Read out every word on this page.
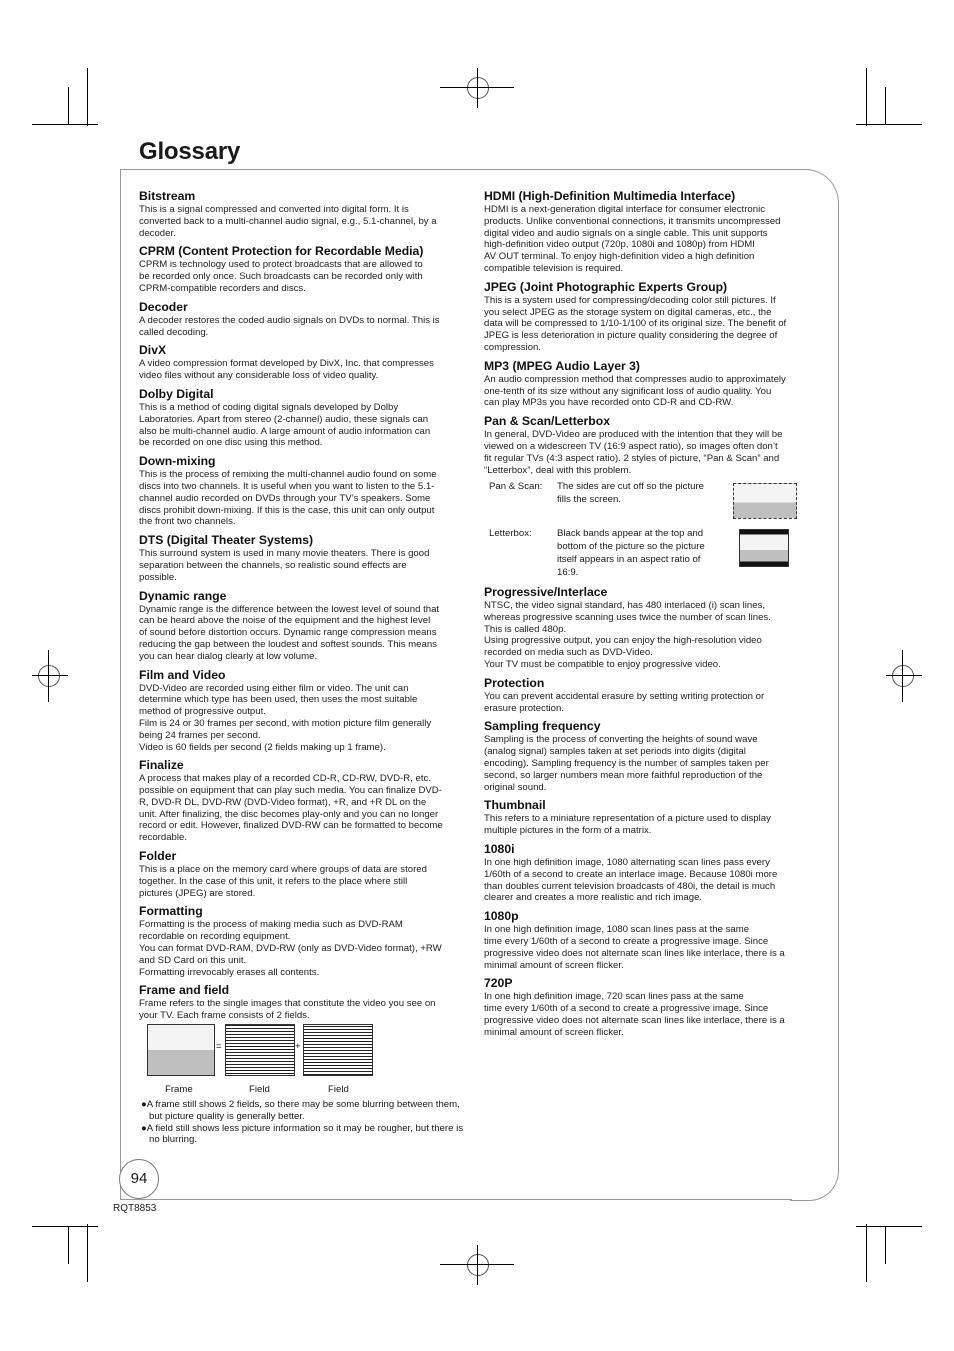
Glossary

Bitstream

This is a signal compressed and converted into digital form. It is
converted back to a multi-channel audio signal, e.g., 5.1-channel, by a
decoder.

CPRM (Content Protection for Recordable Media)

CPRM is technology used to protect broadcasts that are allowed to
be recorded only once. Such broadcasts can be recorded only with
CPRM-compatible recorders and discs.

Decoder

A decoder restores the coded audio signals on DVDs to normal. This is
called decoding.

DivX

A video compression format developed by DivX, Inc. that compresses
video files without any considerable loss of video quality.

Dolby Digital

This is a method of coding digital signals developed by Dolby
Laboratories. Apart from stereo (2-channel) audio, these signals can
also be multi-channel audio. A large amount of audio information can
be recorded on one disc using this method.

Down-mixing

This is the process of remixing the multi-channel audio found on some
discs into two channels. It is useful when you want to listen to the 5.1-
channel audio recorded on DVDs through your TV’s speakers. Some
discs prohibit down-mixing. If this is the case, this unit can only output
the front two channels.

DTS (Digital Theater Systems)

This surround system is used in many movie theaters. There is good
separation between the channels, so realistic sound effects are
possible.

Dynamic range

Dynamic range is the difference between the lowest level of sound that
can be heard above the noise of the equipment and the highest level
of sound before distortion occurs. Dynamic range compression means
reducing the gap between the loudest and softest sounds. This means
you can hear dialog clearly at low volume.

Film and Video

DVD-Video are recorded using either film or video. The unit can
determine which type has been used, then uses the most suitable
method of progressive output.
Film is 24 or 30 frames per second, with motion picture film generally
being 24 frames per second.
Video is 60 fields per second (2 fields making up 1 frame).

Finalize

A process that makes play of a recorded CD-R, CD-RW, DVD-R, etc.
possible on equipment that can play such media. You can finalize DVD-
R, DVD-R DL, DVD-RW (DVD-Video format), +R, and +R DL on the
unit. After finalizing, the disc becomes play-only and you can no longer
record or edit. However, finalized DVD-RW can be formatted to become
recordable.

Folder

This is a place on the memory card where groups of data are stored
together. In the case of this unit, it refers to the place where still
pictures (JPEG) are stored.

Formatting

Formatting is the process of making media such as DVD-RAM
recordable on recording equipment.
You can format DVD-RAM, DVD-RW (only as DVD-Video format), +RW
and SD Card on this unit.
Formatting irrevocably erases all contents.

Frame and field

Frame refers to the single images that constitute the video you see on
your TV. Each frame consists of 2 fields.

=	+
Frame	Field	Field

●A frame still shows 2 fields, so there may be some blurring between them, but picture quality is generally better.

●A field still shows less picture information so it may be rougher, but there is no blurring.

HDMI (High-Definition Multimedia Interface)

HDMI is a next-generation digital interface for consumer electronic
products. Unlike conventional connections, it transmits uncompressed
digital video and audio signals on a single cable. This unit supports
high-definition video output (720p, 1080i and 1080p) from HDMI
AV OUT terminal. To enjoy high-definition video a high definition
compatible television is required.

JPEG (Joint Photographic Experts Group)

This is a system used for compressing/decoding color still pictures. If
you select JPEG as the storage system on digital cameras, etc., the
data will be compressed to 1/10-1/100 of its original size. The benefit of
JPEG is less deterioration in picture quality considering the degree of
compression.

MP3 (MPEG Audio Layer 3)

An audio compression method that compresses audio to approximately
one-tenth of its size without any significant loss of audio quality. You
can play MP3s you have recorded onto CD-R and CD-RW.

Pan & Scan/Letterbox

In general, DVD-Video are produced with the intention that they will be
viewed on a widescreen TV (16:9 aspect ratio), so images often don’t
fit regular TVs (4:3 aspect ratio). 2 styles of picture, “Pan & Scan” and
“Letterbox”, deal with this problem.

Pan & Scan: The sides are cut off so the picture
fills the screen.
Letterbox:	Black bands appear at the top and
bottom of the picture so the picture
itself appears in an aspect ratio of
16:9.

Progressive/Interlace

NTSC, the video signal standard, has 480 interlaced (i) scan lines,
whereas progressive scanning uses twice the number of scan lines.
This is called 480p.
Using progressive output, you can enjoy the high-resolution video
recorded on media such as DVD-Video.
Your TV must be compatible to enjoy progressive video.

Protection

You can prevent accidental erasure by setting writing protection or
erasure protection.

Sampling frequency

Sampling is the process of converting the heights of sound wave
(analog signal) samples taken at set periods into digits (digital
encoding). Sampling frequency is the number of samples taken per
second, so larger numbers mean more faithful reproduction of the
original sound.

Thumbnail

This refers to a miniature representation of a picture used to display
multiple pictures in the form of a matrix.

1080i

In one high definition image, 1080 alternating scan lines pass every
1/60th of a second to create an interlace image. Because 1080i more
than doubles current television broadcasts of 480i, the detail is much
clearer and creates a more realistic and rich image.

1080p

In one high definition image, 1080 scan lines pass at the same
time every 1/60th of a second to create a progressive image. Since
progressive video does not alternate scan lines like interlace, there is a
minimal amount of screen flicker.

720P

In one high definition image, 720 scan lines pass at the same
time every 1/60th of a second to create a progressive image. Since
progressive video does not alternate scan lines like interlace, there is a
minimal amount of screen flicker.

94
RQT8853
